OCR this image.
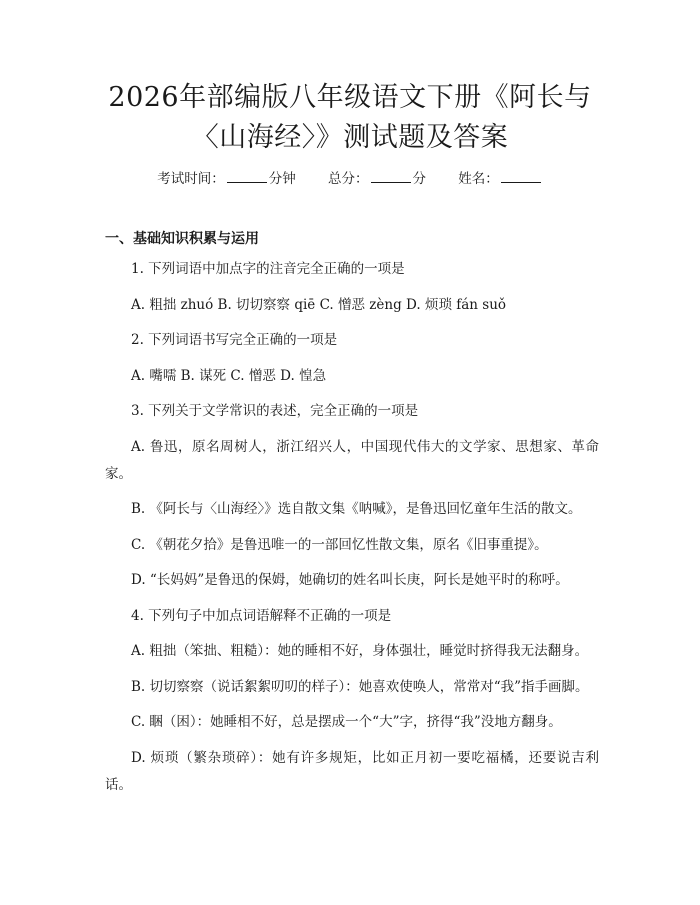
2026年部编版八年级语文下册《阿长与〈山海经〉》测试题及答案
考试时间：	分钟 总分：	分 姓名：
一、基础知识积累与运用

1. 下列词语中加点字的注音完全正确的一项是

A. 粗拙 zhuó B. 切切察察 qiē C. 憎恶 zèng D. 烦琐 fán suǒ

2. 下列词语书写完全正确的一项是

A. 嘴嚅 B. 谋死 C. 憎恶 D. 惶急

3. 下列关于文学常识的表述，完全正确的一项是

A. 鲁迅，原名周树人，浙江绍兴人，中国现代伟大的文学家、思想家、革命家。

B. 《阿长与〈山海经〉》选自散文集《呐喊》，是鲁迅回忆童年生活的散文。

C. 《朝花夕拾》是鲁迅唯一的一部回忆性散文集，原名《旧事重提》。

D. “长妈妈”是鲁迅的保姆，她确切的姓名叫长庚，阿长是她平时的称呼。

4. 下列句子中加点词语解释不正确的一项是

A. 粗拙（笨拙、粗糙）：她的睡相不好，身体强壮，睡觉时挤得我无法翻身。

B. 切切察察（说话絮絮叨叨的样子）：她喜欢使唤人，常常对“我”指手画脚。

C. 睏（困）：她睡相不好，总是摆成一个“大”字，挤得“我”没地方翻身。

D. 烦琐（繁杂琐碎）：她有许多规矩，比如正月初一要吃福橘，还要说吉利话。
